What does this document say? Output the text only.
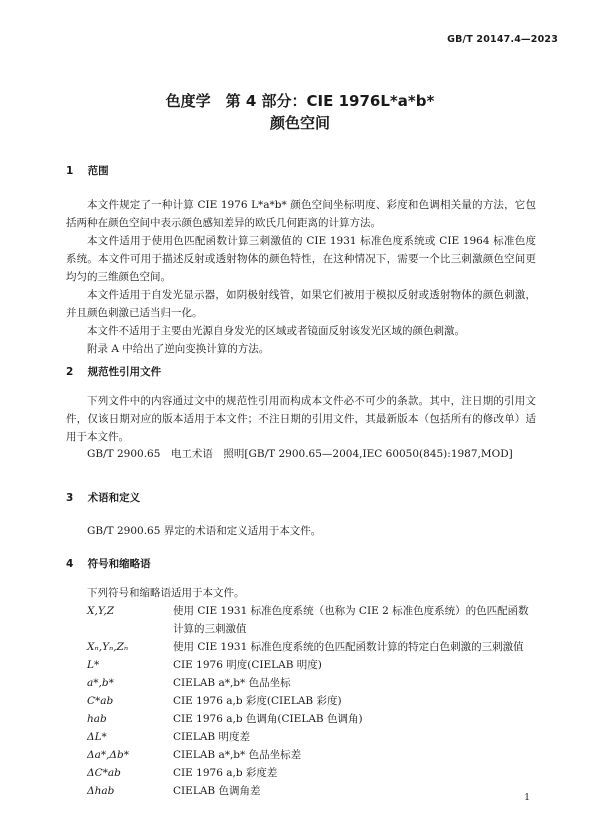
GB/T 20147.4—2023
色度学　第 4 部分：CIE 1976L*a*b*
颜色空间
1 范围
本文件规定了一种计算 CIE 1976 L*a*b* 颜色空间坐标明度、彩度和色调相关量的方法，它包括两种在颜色空间中表示颜色感知差异的欧氏几何距离的计算方法。
本文件适用于使用色匹配函数计算三刺激值的 CIE 1931 标准色度系统或 CIE 1964 标准色度系统。本文件可用于描述反射或透射物体的颜色特性，在这种情况下，需要一个比三刺激颜色空间更均匀的三维颜色空间。
本文件适用于自发光显示器，如阴极射线管，如果它们被用于模拟反射或透射物体的颜色刺激，并且颜色刺激已适当归一化。
本文件不适用于主要由光源自身发光的区域或者镜面反射该发光区域的颜色刺激。
附录 A 中给出了逆向变换计算的方法。
2 规范性引用文件
下列文件中的内容通过文中的规范性引用而构成本文件必不可少的条款。其中，注日期的引用文件，仅该日期对应的版本适用于本文件；不注日期的引用文件，其最新版本（包括所有的修改单）适用于本文件。
GB/T 2900.65　电工术语　照明[GB/T 2900.65—2004,IEC 60050(845):1987,MOD]
3 术语和定义
GB/T 2900.65 界定的术语和定义适用于本文件。
4 符号和缩略语
下列符号和缩略语适用于本文件。
X,Y,Z	使用 CIE 1931 标准色度系统（也称为 CIE 2 标准色度系统）的色匹配函数计算的三刺激值
Xₙ,Yₙ,Zₙ	使用 CIE 1931 标准色度系统的色匹配函数计算的特定白色刺激的三刺激值
L*	CIE 1976 明度(CIELAB 明度)
a*,b*	CIELAB a*,b* 色品坐标
C*ab	CIE 1976 a,b 彩度(CIELAB 彩度)
hab	CIE 1976 a,b 色调角(CIELAB 色调角)
ΔL*	CIELAB 明度差
Δa*,Δb*	CIELAB a*,b* 色品坐标差
ΔC*ab	CIE 1976 a,b 彩度差
Δhab	CIELAB 色调角差
1
